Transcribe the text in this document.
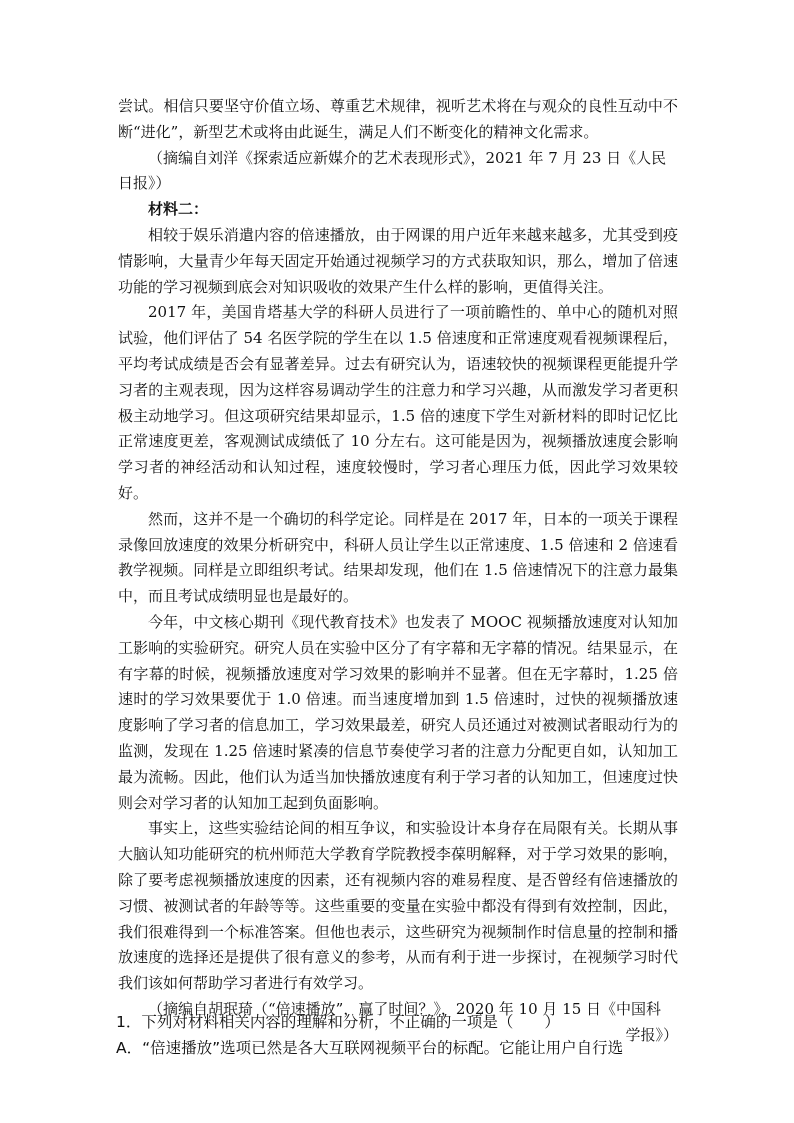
尝试。相信只要坚守价值立场、尊重艺术规律，视听艺术将在与观众的良性互动中不断“进化”，新型艺术或将由此诞生，满足人们不断变化的精神文化需求。

（摘编自刘洋《探索适应新媒介的艺术表现形式》，2021 年 7 月 23 日《人民日报》）

材料二：

相较于娱乐消遣内容的倍速播放，由于网课的用户近年来越来越多，尤其受到疫情影响，大量青少年每天固定开始通过视频学习的方式获取知识，那么，增加了倍速功能的学习视频到底会对知识吸收的效果产生什么样的影响，更值得关注。

2017 年，美国肯塔基大学的科研人员进行了一项前瞻性的、单中心的随机对照试验，他们评估了 54 名医学院的学生在以 1.5 倍速度和正常速度观看视频课程后，平均考试成绩是否会有显著差异。过去有研究认为，语速较快的视频课程更能提升学习者的主观表现，因为这样容易调动学生的注意力和学习兴趣，从而激发学习者更积极主动地学习。但这项研究结果却显示，1.5 倍的速度下学生对新材料的即时记忆比正常速度更差，客观测试成绩低了 10 分左右。这可能是因为，视频播放速度会影响学习者的神经活动和认知过程，速度较慢时，学习者心理压力低，因此学习效果较好。

然而，这并不是一个确切的科学定论。同样是在 2017 年，日本的一项关于课程录像回放速度的效果分析研究中，科研人员让学生以正常速度、1.5 倍速和 2 倍速看教学视频。同样是立即组织考试。结果却发现，他们在 1.5 倍速情况下的注意力最集中，而且考试成绩明显也是最好的。

今年，中文核心期刊《现代教育技术》也发表了 MOOC 视频播放速度对认知加工影响的实验研究。研究人员在实验中区分了有字幕和无字幕的情况。结果显示，在有字幕的时候，视频播放速度对学习效果的影响并不显著。但在无字幕时，1.25 倍速时的学习效果要优于 1.0 倍速。而当速度增加到 1.5 倍速时，过快的视频播放速度影响了学习者的信息加工，学习效果最差，研究人员还通过对被测试者眼动行为的监测，发现在 1.25 倍速时紧凑的信息节奏使学习者的注意力分配更自如，认知加工最为流畅。因此，他们认为适当加快播放速度有利于学习者的认知加工，但速度过快则会对学习者的认知加工起到负面影响。

事实上，这些实验结论间的相互争议，和实验设计本身存在局限有关。长期从事大脑认知功能研究的杭州师范大学教育学院教授李葆明解释，对于学习效果的影响，除了要考虑视频播放速度的因素，还有视频内容的难易程度、是否曾经有倍速播放的习惯、被测试者的年龄等等。这些重要的变量在实验中都没有得到有效控制，因此，我们很难得到一个标准答案。但他也表示，这些研究为视频制作时信息量的控制和播放速度的选择还是提供了很有意义的参考，从而有利于进一步探讨，在视频学习时代我们该如何帮助学习者进行有效学习。

（摘编自胡珉琦（“倍速播放”，赢了时间？》，2020 年 10 月 15 日《中国科

学报》）

1．下列对材料相关内容的理解和分析，不正确的一项是（　　）

A．“倍速播放”选项已然是各大互联网视频平台的标配。它能让用户自行选
